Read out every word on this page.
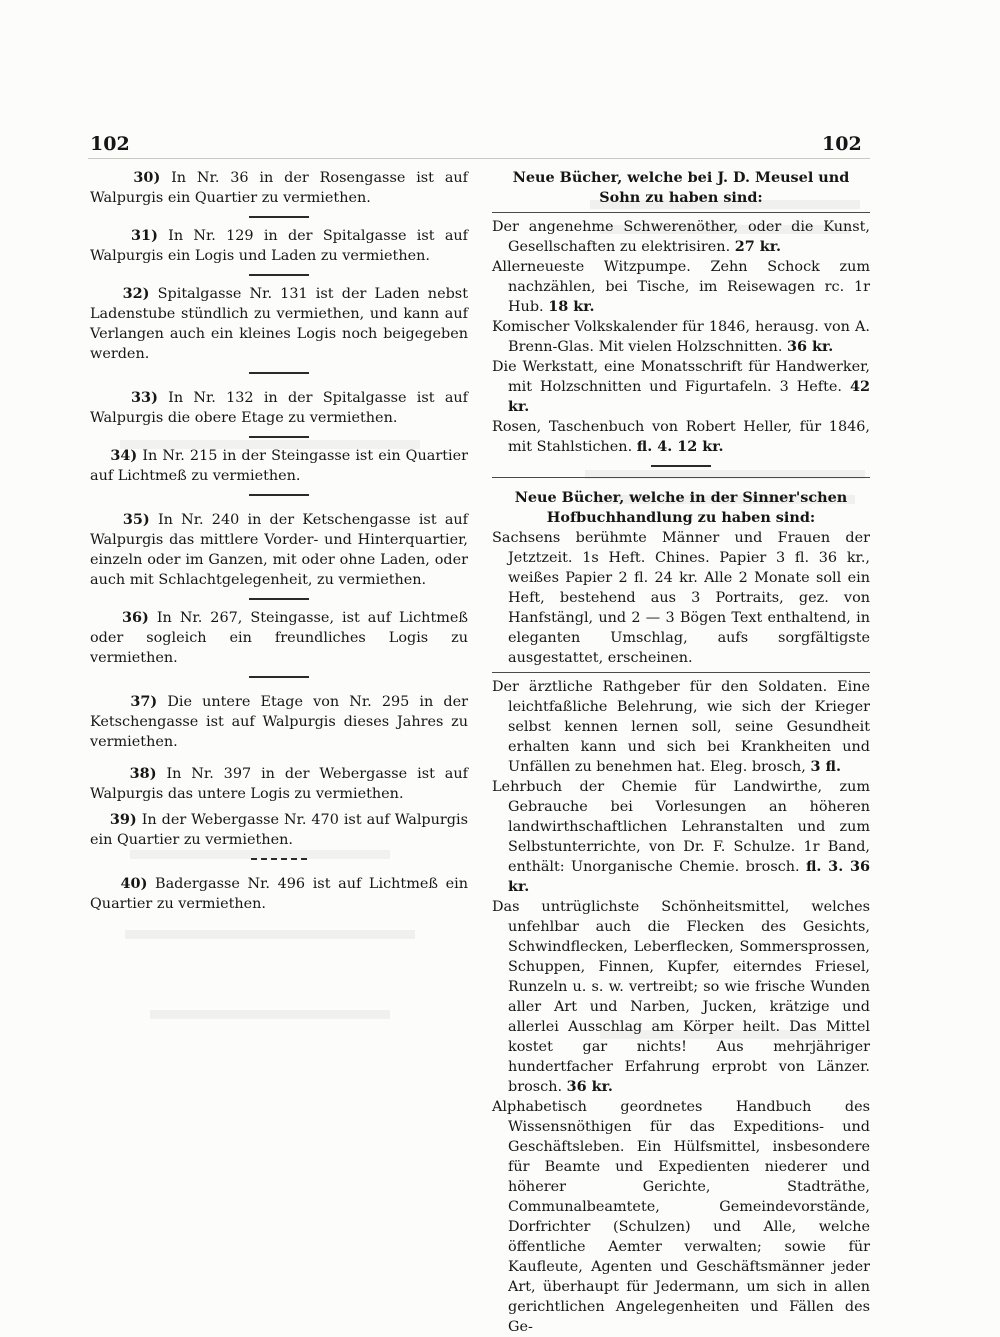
102	102

30) In Nr. 36 in der Rosengasse ist auf Walpurgis ein Quartier zu vermiethen.

31) In Nr. 129 in der Spitalgasse ist auf Walpurgis ein Logis und Laden zu vermiethen.

32) Spitalgasse Nr. 131 ist der Laden nebst Ladenstube stündlich zu vermiethen, und kann auf Verlangen auch ein kleines Logis noch beigegeben werden.

33) In Nr. 132 in der Spitalgasse ist auf Walpurgis die obere Etage zu vermiethen.

34) In Nr. 215 in der Steingasse ist ein Quartier auf Lichtmeß zu vermiethen.

35) In Nr. 240 in der Ketschengasse ist auf Walpurgis das mittlere Vorder- und Hinterquartier, einzeln oder im Ganzen, mit oder ohne Laden, oder auch mit Schlachtgelegenheit, zu vermiethen.

36) In Nr. 267, Steingasse, ist auf Lichtmeß oder sogleich ein freundliches Logis zu vermiethen.

37) Die untere Etage von Nr. 295 in der Ketschengasse ist auf Walpurgis dieses Jahres zu vermiethen.

38) In Nr. 397 in der Webergasse ist auf Walpurgis das untere Logis zu vermiethen.

39) In der Webergasse Nr. 470 ist auf Walpurgis ein Quartier zu vermiethen.

40) Badergasse Nr. 496 ist auf Lichtmeß ein Quartier zu vermiethen.

Neue Bücher, welche bei J. D. Meusel und Sohn zu haben sind:

Der angenehme Schwerenöther, oder die Kunst, Gesellschaften zu elektrisiren. 27 kr.

Allerneueste Witzpumpe. Zehn Schock zum nachzählen, bei Tische, im Reisewagen rc. 1r Hub. 18 kr.

Komischer Volkskalender für 1846, herausg. von A. Brenn-Glas. Mit vielen Holzschnitten. 36 kr.

Die Werkstatt, eine Monatsschrift für Handwerker, mit Holzschnitten und Figurtafeln. 3 Hefte. 42 kr.

Rosen, Taschenbuch von Robert Heller, für 1846, mit Stahlstichen. fl. 4. 12 kr.

Neue Bücher, welche in der Sinner'schen Hofbuchhandlung zu haben sind:

Sachsens berühmte Männer und Frauen der Jetztzeit. 1s Heft. Chines. Papier 3 fl. 36 kr., weißes Papier 2 fl. 24 kr. Alle 2 Monate soll ein Heft, bestehend aus 3 Portraits, gez. von Hanfstängl, und 2 — 3 Bögen Text enthaltend, in eleganten Umschlag, aufs sorgfältigste ausgestattet, erscheinen.

Der ärztliche Rathgeber für den Soldaten. Eine leichtfaßliche Belehrung, wie sich der Krieger selbst kennen lernen soll, seine Gesundheit erhalten kann und sich bei Krankheiten und Unfällen zu benehmen hat. Eleg. brosch, 3 fl.

Lehrbuch der Chemie für Landwirthe, zum Gebrauche bei Vorlesungen an höheren landwirthschaftlichen Lehranstalten und zum Selbstunterrichte, von Dr. F. Schulze. 1r Band, enthält: Unorganische Chemie. brosch. fl. 3. 36 kr.

Das untrüglichste Schönheitsmittel, welches unfehlbar auch die Flecken des Gesichts, Schwindflecken, Leberflecken, Sommersprossen, Schuppen, Finnen, Kupfer, eiterndes Friesel, Runzeln u. s. w. vertreibt; so wie frische Wunden aller Art und Narben, Jucken, krätzige und allerlei Ausschlag am Körper heilt. Das Mittel kostet gar nichts! Aus mehrjähriger hundertfacher Erfahrung erprobt von Länzer. brosch. 36 kr.

Alphabetisch geordnetes Handbuch des Wissensnöthigen für das Expeditions- und Geschäftsleben. Ein Hülfsmittel, insbesondere für Beamte und Expedienten niederer und höherer Gerichte, Stadträthe, Communalbeamtete, Gemeindevorstände, Dorfrichter (Schulzen) und Alle, welche öffentliche Aemter verwalten; sowie für Kaufleute, Agenten und Geschäftsmänner jeder Art, überhaupt für Jedermann, um sich in allen gerichtlichen Angelegenheiten und Fällen des Ge-
